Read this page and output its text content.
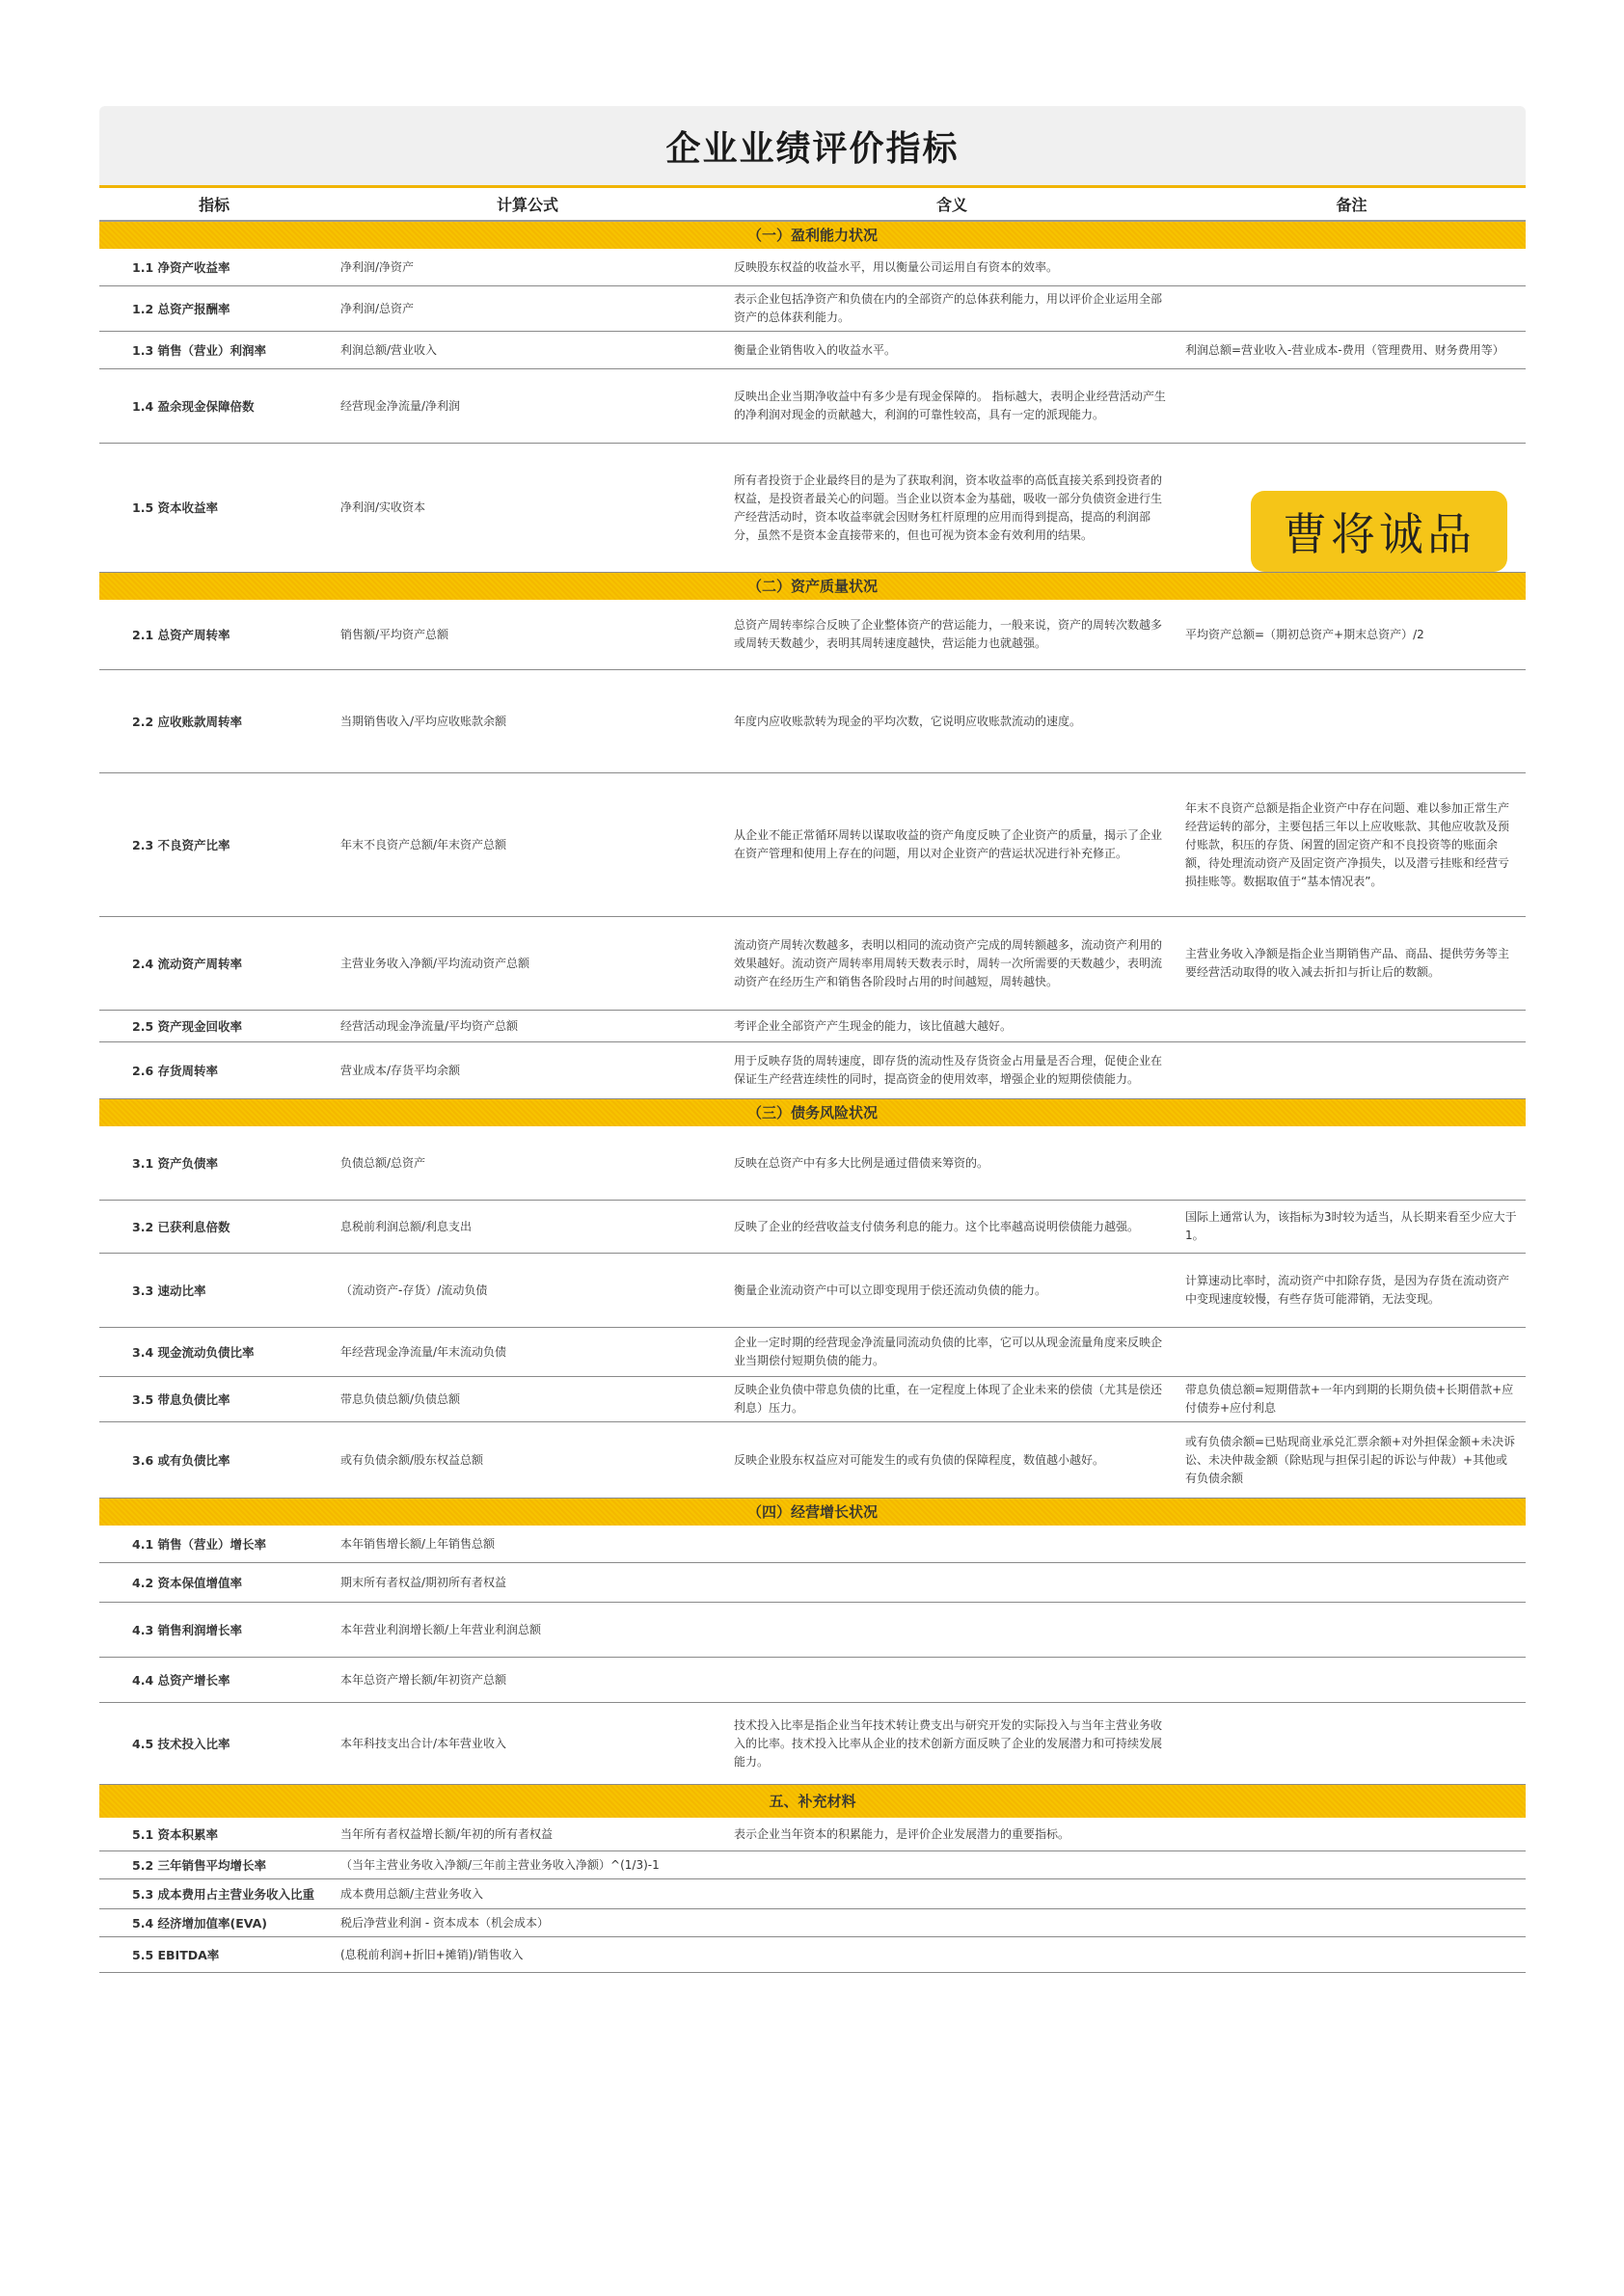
企业业绩评价指标
指标	计算公式	含义	备注
（一）盈利能力状况			
1.1 净资产收益率	净利润/净资产	反映股东权益的收益水平，用以衡量公司运用自有资本的效率。	
1.2 总资产报酬率	净利润/总资产	表示企业包括净资产和负债在内的全部资产的总体获利能力，用以评价企业运用全部资产的总体获利能力。	
1.3 销售（营业）利润率	利润总额/营业收入	衡量企业销售收入的收益水平。	利润总额=营业收入-营业成本-费用（管理费用、财务费用等）
1.4 盈余现金保障倍数	经营现金净流量/净利润	反映出企业当期净收益中有多少是有现金保障的。 指标越大，表明企业经营活动产生的净利润对现金的贡献越大，利润的可靠性较高，具有一定的派现能力。	
1.5 资本收益率	净利润/实收资本	所有者投资于企业最终目的是为了获取利润，资本收益率的高低直接关系到投资者的权益，是投资者最关心的问题。当企业以资本金为基础，吸收一部分负债资金进行生产经营活动时，资本收益率就会因财务杠杆原理的应用而得到提高，提高的利润部分，虽然不是资本金直接带来的，但也可视为资本金有效利用的结果。	
（二）资产质量状况			
2.1 总资产周转率	销售额/平均资产总额	总资产周转率综合反映了企业整体资产的营运能力，一般来说，资产的周转次数越多或周转天数越少，表明其周转速度越快，营运能力也就越强。	平均资产总额=（期初总资产+期末总资产）/2
2.2 应收账款周转率	当期销售收入/平均应收账款余额	年度内应收账款转为现金的平均次数，它说明应收账款流动的速度。	
2.3 不良资产比率	年末不良资产总额/年末资产总额	从企业不能正常循环周转以谋取收益的资产角度反映了企业资产的质量，揭示了企业在资产管理和使用上存在的问题，用以对企业资产的营运状况进行补充修正。	年末不良资产总额是指企业资产中存在问题、难以参加正常生产经营运转的部分，主要包括三年以上应收账款、其他应收款及预付账款，积压的存货、闲置的固定资产和不良投资等的账面余额，待处理流动资产及固定资产净损失，以及潜亏挂账和经营亏损挂账等。数据取值于“基本情况表”。
2.4 流动资产周转率	主营业务收入净额/平均流动资产总额	流动资产周转次数越多，表明以相同的流动资产完成的周转额越多，流动资产利用的效果越好。流动资产周转率用周转天数表示时，周转一次所需要的天数越少，表明流动资产在经历生产和销售各阶段时占用的时间越短，周转越快。	主营业务收入净额是指企业当期销售产品、商品、提供劳务等主要经营活动取得的收入减去折扣与折让后的数额。
2.5 资产现金回收率	经营活动现金净流量/平均资产总额	考评企业全部资产产生现金的能力，该比值越大越好。	
2.6 存货周转率	营业成本/存货平均余额	用于反映存货的周转速度，即存货的流动性及存货资金占用量是否合理，促使企业在保证生产经营连续性的同时，提高资金的使用效率，增强企业的短期偿债能力。	
（三）债务风险状况			
3.1 资产负债率	负债总额/总资产	反映在总资产中有多大比例是通过借债来筹资的。	
3.2 已获利息倍数	息税前利润总额/利息支出	反映了企业的经营收益支付债务利息的能力。这个比率越高说明偿债能力越强。	国际上通常认为，该指标为3时较为适当，从长期来看至少应大于1。
3.3 速动比率	（流动资产-存货）/流动负债	衡量企业流动资产中可以立即变现用于偿还流动负债的能力。	计算速动比率时，流动资产中扣除存货，是因为存货在流动资产中变现速度较慢，有些存货可能滞销，无法变现。
3.4 现金流动负债比率	年经营现金净流量/年末流动负债	企业一定时期的经营现金净流量同流动负债的比率，它可以从现金流量角度来反映企业当期偿付短期负债的能力。	
3.5 带息负债比率	带息负债总额/负债总额	反映企业负债中带息负债的比重，在一定程度上体现了企业未来的偿债（尤其是偿还利息）压力。	带息负债总额=短期借款+一年内到期的长期负债+长期借款+应付债券+应付利息
3.6 或有负债比率	或有负债余额/股东权益总额	反映企业股东权益应对可能发生的或有负债的保障程度，数值越小越好。	或有负债余额=已贴现商业承兑汇票余额+对外担保金额+未决诉讼、未决仲裁金额（除贴现与担保引起的诉讼与仲裁）+其他或有负债余额
（四）经营增长状况			
4.1 销售（营业）增长率	本年销售增长额/上年销售总额		
4.2 资本保值增值率	期末所有者权益/期初所有者权益		
4.3 销售利润增长率	本年营业利润增长额/上年营业利润总额		
4.4 总资产增长率	本年总资产增长额/年初资产总额		
4.5 技术投入比率	本年科技支出合计/本年营业收入	技术投入比率是指企业当年技术转让费支出与研究开发的实际投入与当年主营业务收入的比率。技术投入比率从企业的技术创新方面反映了企业的发展潜力和可持续发展能力。	
五、补充材料			
5.1 资本积累率	当年所有者权益增长额/年初的所有者权益	表示企业当年资本的积累能力，是评价企业发展潜力的重要指标。	
5.2 三年销售平均增长率	（当年主营业务收入净额/三年前主营业务收入净额）^(1/3)-1		
5.3 成本费用占主营业务收入比重	成本费用总额/主营业务收入		
5.4 经济增加值率(EVA)	税后净营业利润 - 资本成本（机会成本）		
5.5 EBITDA率	(息税前利润+折旧+摊销)/销售收入		
曹将诚品
